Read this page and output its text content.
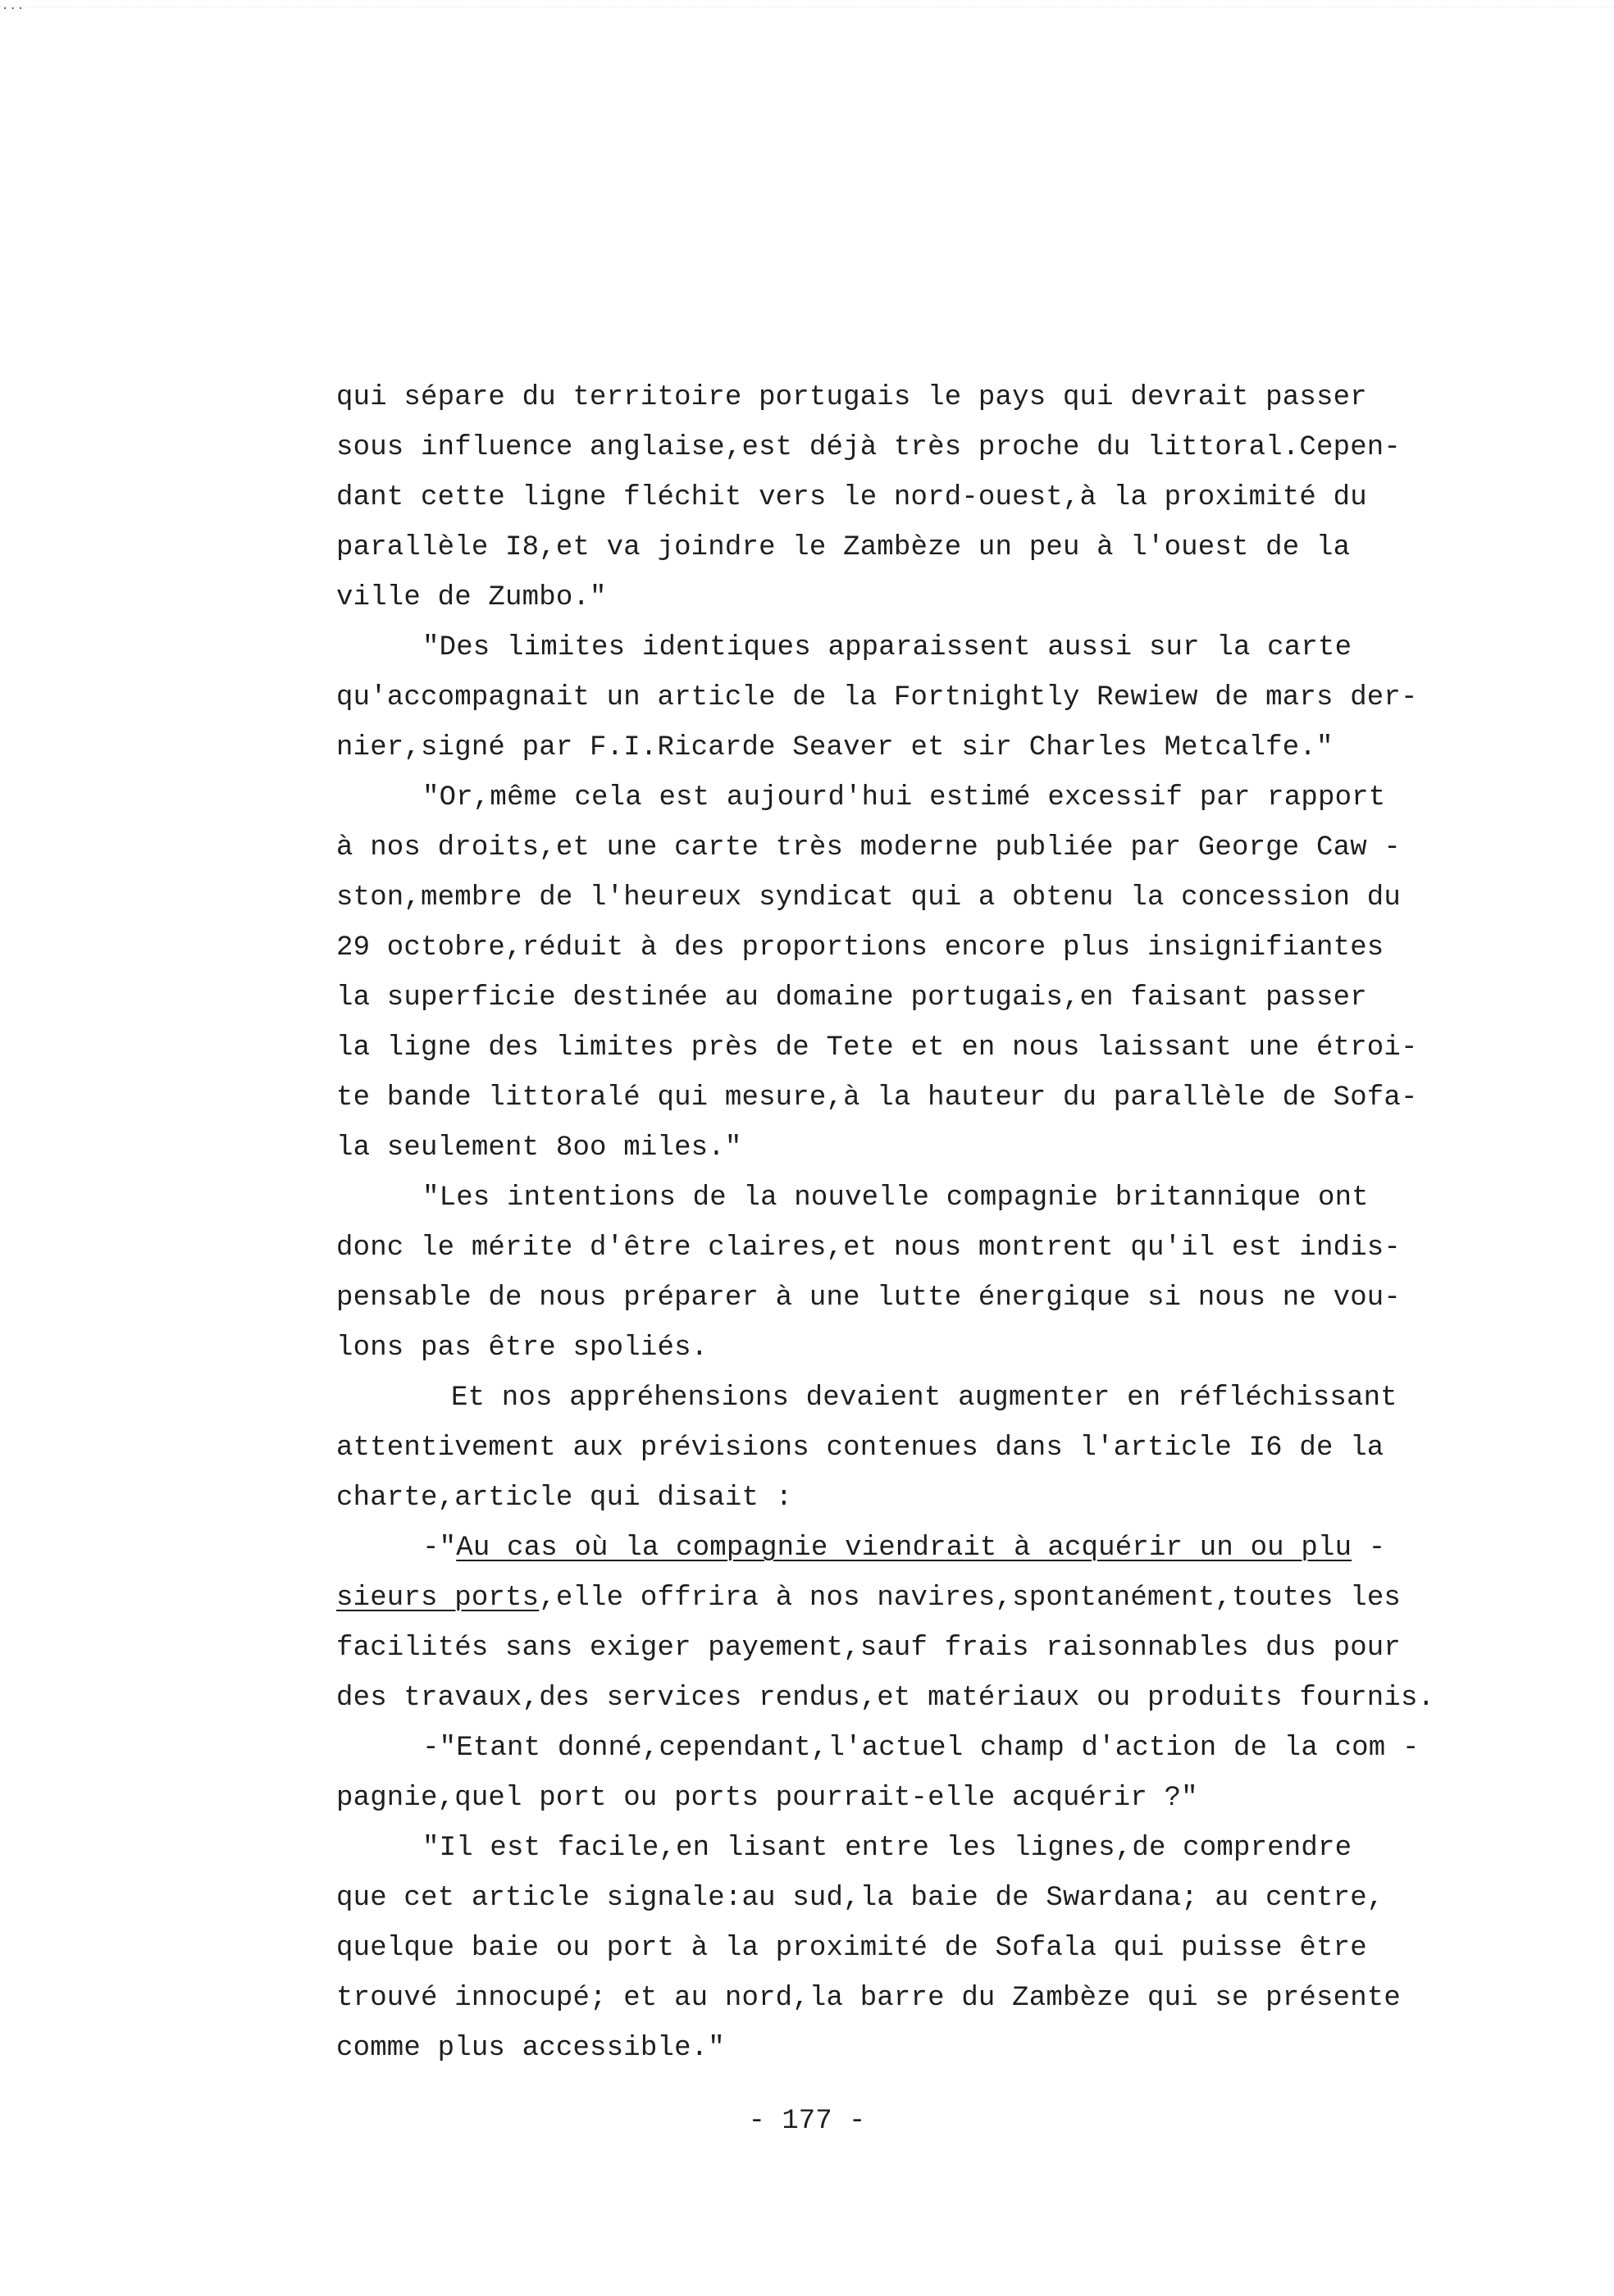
...
qui sépare du territoire portugais le pays qui devrait passer
sous influence anglaise,est déjà très proche du littoral.Cepen-
dant cette ligne fléchit vers le nord-ouest,à la proximité du
parallèle I8,et va joindre le Zambèze un peu à l'ouest de la
ville de Zumbo."
"Des limites identiques apparaissent aussi sur la carte
qu'accompagnait un article de la Fortnightly Rewiew de mars der-
nier,signé par F.I.Ricarde Seaver et sir Charles Metcalfe."
"Or,même cela est aujourd'hui estimé excessif par rapport
à nos droits,et une carte très moderne publiée par George Caw -
ston,membre de l'heureux syndicat qui a obtenu la concession du
29 octobre,réduit à des proportions encore plus insignifiantes
la superficie destinée au domaine portugais,en faisant passer
la ligne des limites près de Tete et en nous laissant une étroi-
te bande littoralé qui mesure,à la hauteur du parallèle de Sofa-
la seulement 8oo miles."
"Les intentions de la nouvelle compagnie britannique ont
donc le mérite d'être claires,et nous montrent qu'il est indis-
pensable de nous préparer à une lutte énergique si nous ne vou-
lons pas être spoliés.
Et nos appréhensions devaient augmenter en réfléchissant
attentivement aux prévisions contenues dans l'article I6 de la
charte,article qui disait :
-"Au cas où la compagnie viendrait à acquérir un ou plu -
sieurs ports,elle offrira à nos navires,spontanément,toutes les
facilités sans exiger payement,sauf frais raisonnables dus pour
des travaux,des services rendus,et matériaux ou produits fournis.
-"Etant donné,cependant,l'actuel champ d'action de la com -
pagnie,quel port ou ports pourrait-elle acquérir ?"
"Il est facile,en lisant entre les lignes,de comprendre
que cet article signale:au sud,la baie de Swardana; au centre,
quelque baie ou port à la proximité de Sofala qui puisse être
trouvé innocupé; et au nord,la barre du Zambèze qui se présente
comme plus accessible."
- 177 -
